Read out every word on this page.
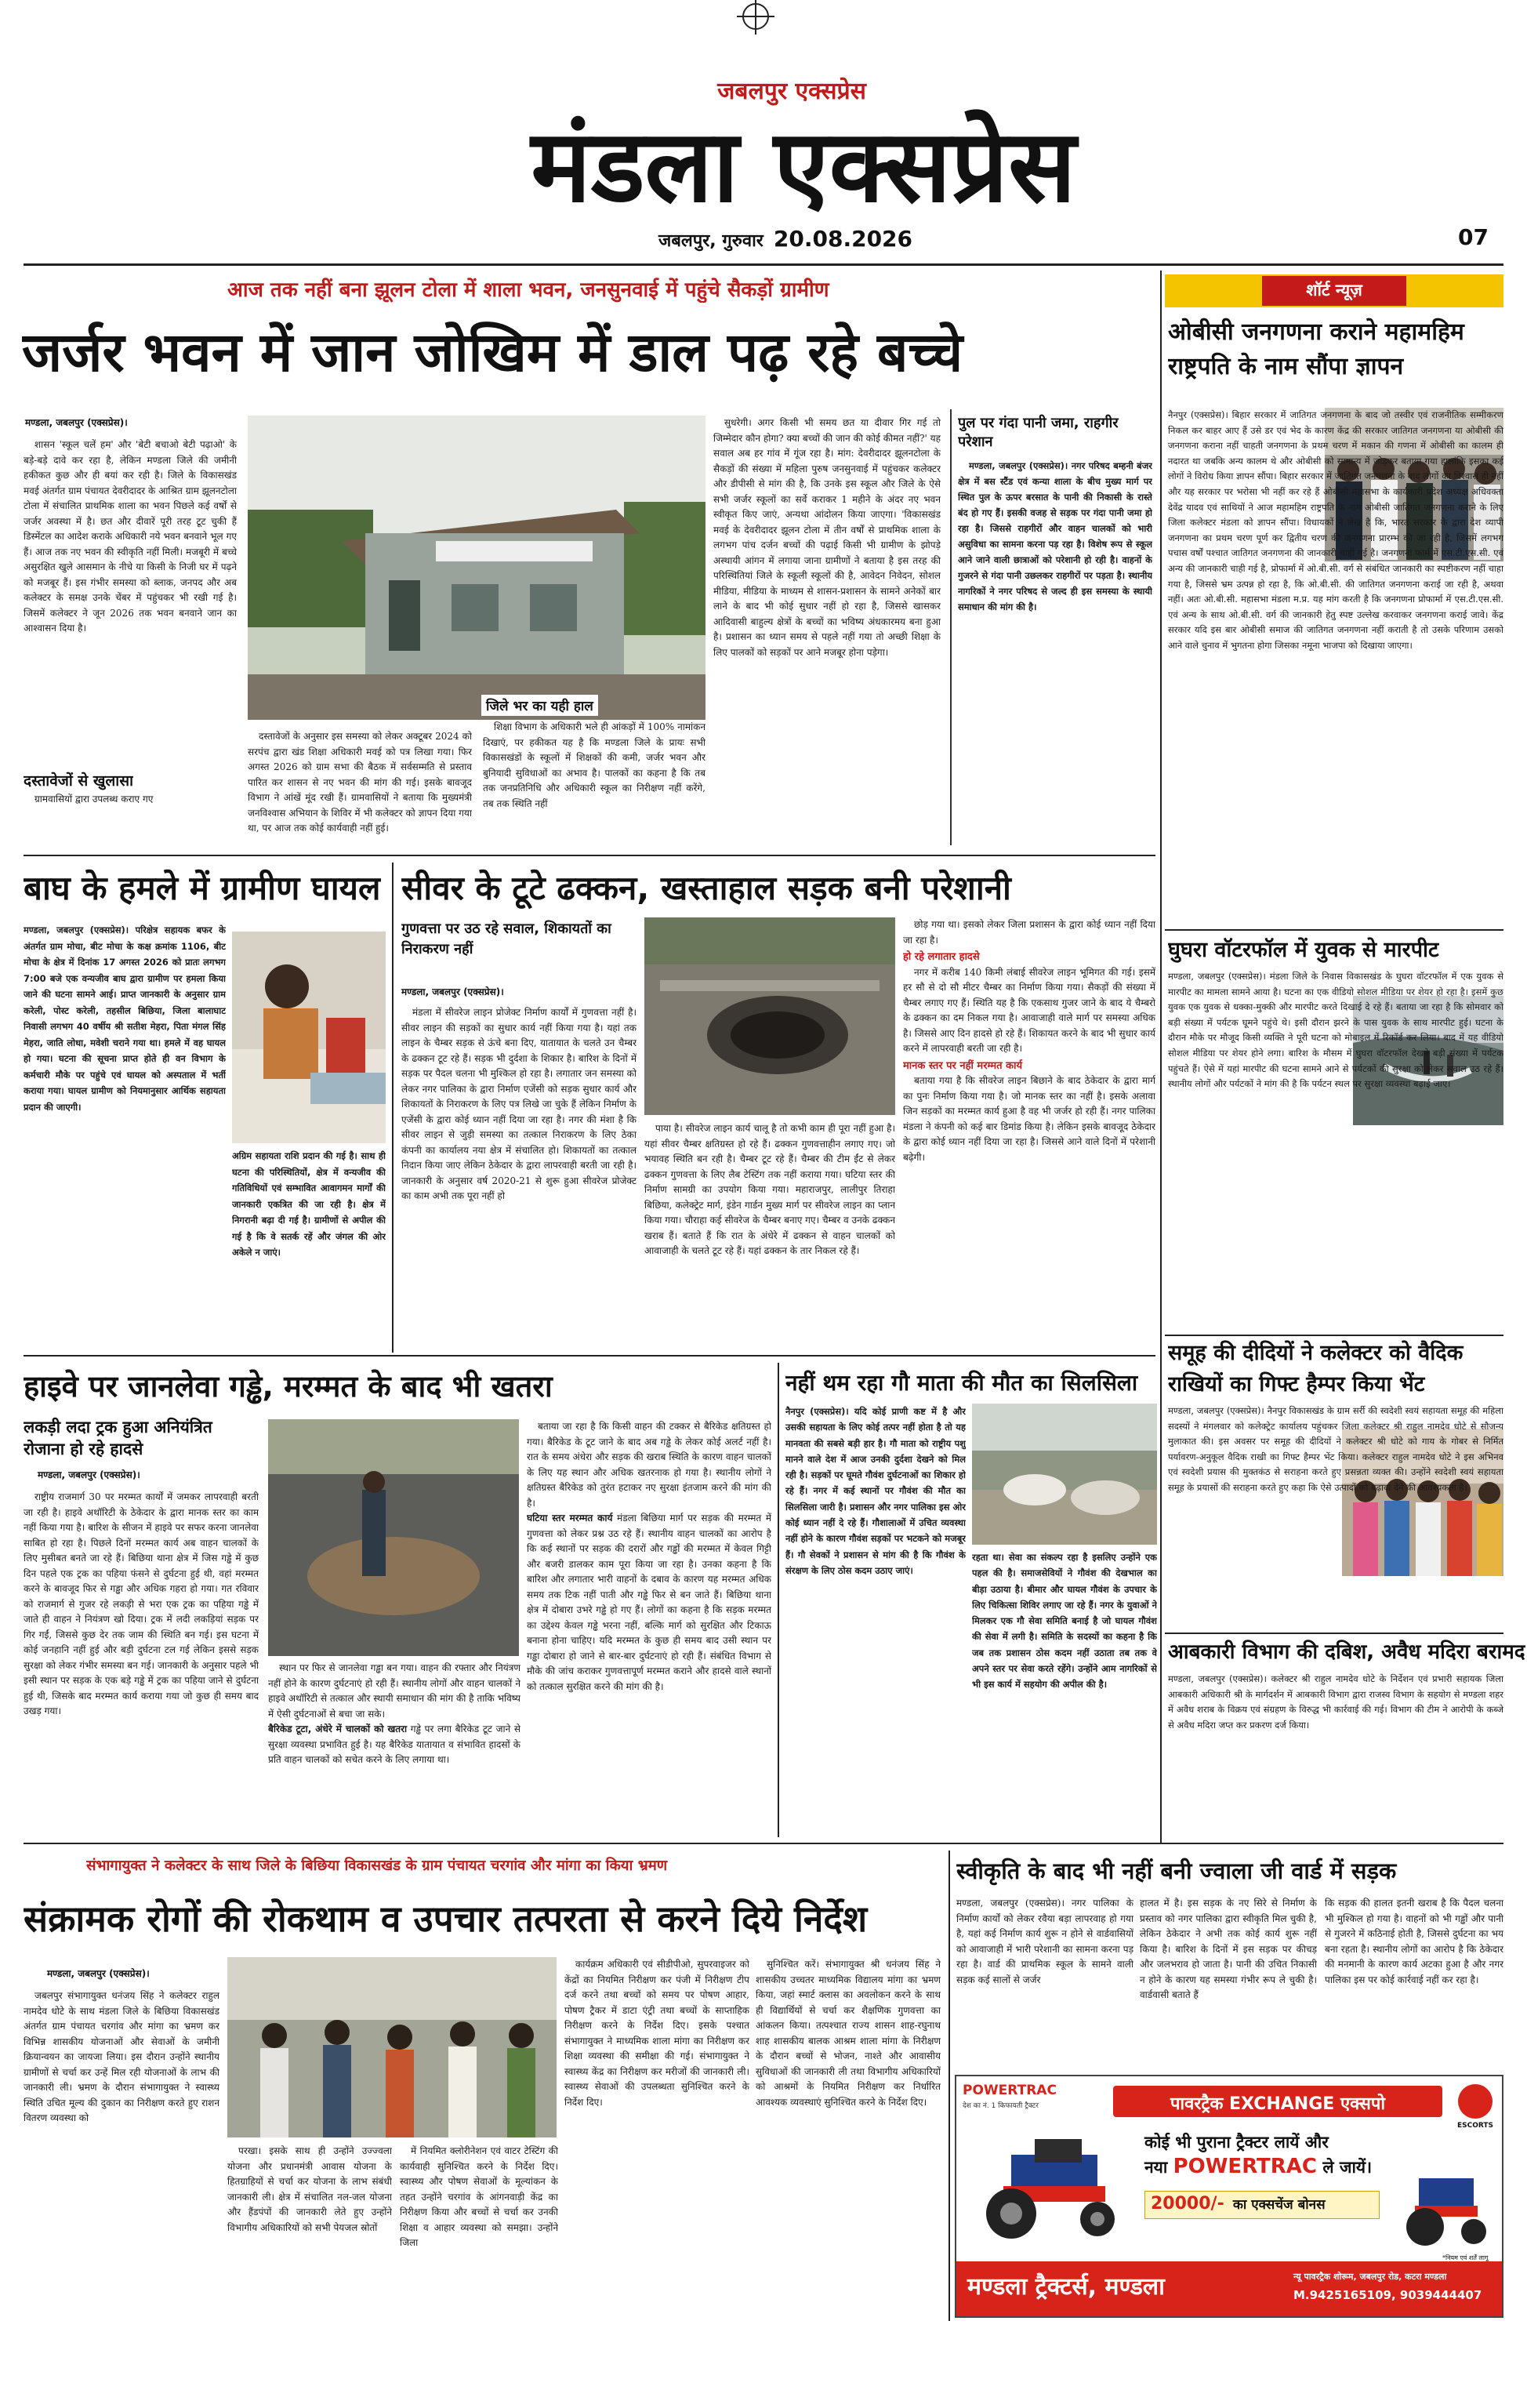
जबलपुर एक्सप्रेस
मंडला एक्सप्रेस
जबलपुर, गुरुवार 20.08.2026	07
आज तक नहीं बना झूलन टोला में शाला भवन, जनसुनवाई में पहुंचे सैकड़ों ग्रामीण
जर्जर भवन में जान जोखिम में डाल पढ़ रहे बच्चे
मण्डला, जबलपुर (एक्सप्रेस)।

शासन 'स्कूल चलें हम' और 'बेटी बचाओ बेटी पढ़ाओ' के बड़े-बड़े दावे कर रहा है, लेकिन मण्डला जिले की जमीनी हकीकत कुछ और ही बयां कर रही है। जिले के विकासखंड मवई अंतर्गत ग्राम पंचायत देवरीदादर के आश्रित ग्राम झूलनटोला टोला में संचालित प्राथमिक शाला का भवन पिछले कई वर्षों से जर्जर अवस्था में है। छत और दीवारें पूरी तरह टूट चुकी हैं डिस्मेंटल का आदेश कराके अधिकारी नये भवन बनवाने भूल गए हैं। आज तक नए भवन की स्वीकृति नहीं मिली। मजबूरी में बच्चे असुरक्षित खुले आसमान के नीचे या किसी के निजी घर में पढ़ने को मजबूर हैं। इस गंभीर समस्या को ब्लाक, जनपद और अब कलेक्टर के समक्ष उनके चेंबर में पहुंचकर भी रखी गई है। जिसमें कलेक्टर ने जून 2026 तक भवन बनवाने जान का आश्वासन दिया है।

दस्तावेजों से खुलासा

ग्रामवासियों द्वारा उपलब्ध कराए गए

जिले भर का यही हाल

दस्तावेजों के अनुसार इस समस्या को लेकर अक्टूबर 2024 को सरपंच द्वारा खंड शिक्षा अधिकारी मवई को पत्र लिखा गया। फिर अगस्त 2026 को ग्राम सभा की बैठक में सर्वसम्मति से प्रस्ताव पारित कर शासन से नए भवन की मांग की गई। इसके बावजूद विभाग ने आंखें मूंद रखी हैं। ग्रामवासियों ने बताया कि मुख्यमंत्री जनविश्वास अभियान के शिविर में भी कलेक्टर को ज्ञापन दिया गया था, पर आज तक कोई कार्यवाही नहीं हुई।

शिक्षा विभाग के अधिकारी भले ही आंकड़ों में 100% नामांकन दिखाएं, पर हकीकत यह है कि मण्डला जिले के प्रायः सभी विकासखंडों के स्कूलों में शिक्षकों की कमी, जर्जर भवन और बुनियादी सुविधाओं का अभाव है। पालकों का कहना है कि तब तक जनप्रतिनिधि और अधिकारी स्कूल का निरीक्षण नहीं करेंगे, तब तक स्थिति नहीं

सुधरेगी। अगर किसी भी समय छत या दीवार गिर गई तो जिम्मेदार कौन होगा? क्या बच्चों की जान की कोई कीमत नहीं?' यह सवाल अब हर गांव में गूंज रहा है। मांग: देवरीदादर झूलनटोला के सैकड़ों की संख्या में महिला पुरुष जनसुनवाई में पहुंचकर कलेक्टर और डीपीसी से मांग की है, कि उनके इस स्कूल और जिले के ऐसे सभी जर्जर स्कूलों का सर्वे कराकर 1 महीने के अंदर नए भवन स्वीकृत किए जाएं, अन्यथा आंदोलन किया जाएगा। 'विकासखंड मवई के देवरीदादर झूलन टोला में तीन वर्षों से प्राथमिक शाला के लगभग पांच दर्जन बच्चों की पढ़ाई किसी भी ग्रामीण के झोपड़े अस्थायी आंगन में लगाया जाना ग्रामीणों ने बताया है इस तरह की परिस्थितियां जिले के स्कूली स्कूलों की है, आवेदन निवेदन, सोशल मीडिया, मीडिया के माध्यम से शासन-प्रशासन के सामने अनेकों बार लाने के बाद भी कोई सुधार नहीं हो रहा है, जिससे खासकर आदिवासी बाहुल्य क्षेत्रों के बच्चों का भविष्य अंधकारमय बना हुआ है। प्रशासन का ध्यान समय से पहले नहीं गया तो अच्छी शिक्षा के लिए पालकों को सड़कों पर आने मजबूर होना पड़ेगा।

पुल पर गंदा पानी जमा, राहगीर परेशान

मण्डला, जबलपुर (एक्सप्रेस)। नगर परिषद बम्हनी बंजर क्षेत्र में बस स्टैंड एवं कन्या शाला के बीच मुख्य मार्ग पर स्थित पुल के ऊपर बरसात के पानी की निकासी के रास्ते बंद हो गए हैं। इसकी वजह से सड़क पर गंदा पानी जमा हो रहा है। जिससे राहगीरों और वाहन चालकों को भारी असुविधा का सामना करना पड़ रहा है। विशेष रूप से स्कूल आने जाने वाली छात्राओं को परेशानी हो रही है। वाहनों के गुजरने से गंदा पानी उछलकर राहगीरों पर पड़ता है। स्थानीय नागरिकों ने नगर परिषद से जल्द ही इस समस्या के स्थायी समाधान की मांग की है।

शॉर्ट न्यूज़
ओबीसी जनगणना कराने महामहिम राष्ट्रपति के नाम सौंपा ज्ञापन

नैनपुर (एक्सप्रेस)। बिहार सरकार में जातिगत जनगणना के बाद जो तस्वीर एवं राजनीतिक सम्मीकरण निकल कर बाहर आए हैं उसे डर एवं भेद के कारण केंद्र की सरकार जातिगत जनगणना या ओबीसी की जनगणना कराना नहीं चाहती जनगणना के प्रथम चरण में मकान की गणना में ओबीसी का कालम ही नदारत था जबकि अन्य कालम थे और ओबीसी को सामान्य में जोड़कर बताया गया हालांकि इसका कई लोगों ने विरोध किया ज्ञापन सौंपा। बिहार सरकार में जातिगत जनगणना के बाद लोगों का विश्वास ही नहीं और यह सरकार पर भरोसा भी नहीं कर रहे हैं ओबीसी महासभा के कार्यकारी प्रदेश अध्यक्ष अधिवक्ता देवेंद्र यादव एवं साथियों ने आज महामहिम राष्ट्रपति के नाम ओबीसी जातिगत जनगणना कराने के लिए जिला कलेक्टर मंडला को ज्ञापन सौंपा। विधायकों ने लेख है कि, भारत सरकार के द्वारा देश व्यापी जनगणना का प्रथम चरण पूर्ण कर द्वितीय चरण की जनगणना प्रारम्भ की जा रही है, जिसमें लगभग पचास वर्षों पश्चात जातिगत जनगणना की जानकारी चाही गई है। जनगणना फार्म में एस.टी.एस.सी. एवं अन्य की जानकारी चाही गई है, प्रोफार्मा में ओ.बी.सी. वर्ग से संबंधित जानकारी का स्पष्टीकरण नहीं चाहा गया है, जिससे भ्रम उत्पन्न हो रहा है, कि ओ.बी.सी. की जातिगत जनगणना कराई जा रही है, अथवा नहीं। अतः ओ.बी.सी. महासभा मंडला म.प्र. यह मांग करती है कि जनगणना प्रोफार्मा में एस.टी.एस.सी. एवं अन्य के साथ ओ.बी.सी. वर्ग की जानकारी हेतु स्पष्ट उल्लेख करवाकर जनगणना कराई जावे। केंद्र सरकार यदि इस बार ओबीसी समाज की जातिगत जनगणना नहीं कराती है तो उसके परिणाम उसको आने वाले चुनाव में भुगतना होगा जिसका नमूना भाजपा को दिखाया जाएगा।

घुघरा वॉटरफॉल में युवक से मारपीट

मण्डला, जबलपुर (एक्सप्रेस)। मंडला जिले के निवास विकासखंड के घुघरा वॉटरफॉल में एक युवक से मारपीट का मामला सामने आया है। घटना का एक वीडियो सोशल मीडिया पर शेयर हो रहा है। इसमें कुछ युवक एक युवक से धक्का-मुक्की और मारपीट करते दिखाई दे रहे हैं। बताया जा रहा है कि सोमवार को बड़ी संख्या में पर्यटक घूमने पहुंचे थे। इसी दौरान झरने के पास युवक के साथ मारपीट हुई। घटना के दौरान मौके पर मौजूद किसी व्यक्ति ने पूरी घटना को मोबाइल में रिकॉर्ड कर लिया। बाद में यह वीडियो सोशल मीडिया पर शेयर होने लगा। बारिश के मौसम में घुघरा वॉटरफॉल देखने बड़ी संख्या में पर्यटक पहुंचते हैं। ऐसे में यहां मारपीट की घटना सामने आने से पर्यटकों की सुरक्षा को लेकर सवाल उठ रहे हैं। स्थानीय लोगों और पर्यटकों ने मांग की है कि पर्यटन स्थल पर सुरक्षा व्यवस्था बढ़ाई जाए।

समूह की दीदियों ने कलेक्टर को वैदिक राखियों का गिफ्ट हैम्पर किया भेंट

मण्डला, जबलपुर (एक्सप्रेस)। नैनपुर विकासखंड के ग्राम सर्री की स्वदेशी स्वयं सहायता समूह की महिला सदस्यों ने मंगलवार को कलेक्ट्रेट कार्यालय पहुंचकर जिला कलेक्टर श्री राहुल नामदेव धोटे से सौजन्य मुलाकात की। इस अवसर पर समूह की दीदियों ने कलेक्टर श्री धोटे को गाय के गोबर से निर्मित पर्यावरण-अनुकूल वैदिक राखी का गिफ्ट हैम्पर भेंट किया। कलेक्टर राहुल नामदेव धोटे ने इस अभिनव एवं स्वदेशी प्रयास की मुक्तकंठ से सराहना करते हुए प्रसन्नता व्यक्त की। उन्होंने स्वदेशी स्वयं सहायता समूह के प्रयासों की सराहना करते हुए कहा कि ऐसे उत्पादों को बढ़ावा देने की आवश्यकता है।

आबकारी विभाग की दबिश, अवैध मदिरा बरामद

मण्डला, जबलपुर (एक्सप्रेस)। कलेक्टर श्री राहुल नामदेव धोटे के निर्देशन एवं प्रभारी सहायक जिला आबकारी अधिकारी श्री के मार्गदर्शन में आबकारी विभाग द्वारा राजस्व विभाग के सहयोग से मण्डला शहर में अवैध शराब के विक्रय एवं संग्रहण के विरुद्ध भी कार्रवाई की गई। विभाग की टीम ने आरोपी के कब्जे से अवैध मदिरा जप्त कर प्रकरण दर्ज किया।

बाघ के हमले में ग्रामीण घायल

मण्डला, जबलपुर (एक्सप्रेस)। परिक्षेत्र सहायक बफर के अंतर्गत ग्राम मोचा, बीट मोचा के कक्ष क्रमांक 1106, बीट मोचा के क्षेत्र में दिनांक 17 अगस्त 2026 को प्रातः लगभग 7:00 बजे एक वन्यजीव बाघ द्वारा ग्रामीण पर हमला किया जाने की घटना सामने आई। प्राप्त जानकारी के अनुसार ग्राम करेली, पोस्ट करेली, तहसील बिछिया, जिला बालाघाट निवासी लगभग 40 वर्षीय श्री सतीश मेहरा, पिता मंगल सिंह मेहरा, जाति लोधा, मवेशी चराने गया था। हमले में वह घायल हो गया। घटना की सूचना प्राप्त होते ही वन विभाग के कर्मचारी मौके पर पहुंचे एवं घायल को अस्पताल में भर्ती कराया गया। घायल ग्रामीण को नियमानुसार आर्थिक सहायता प्रदान की जाएगी।

अग्रिम सहायता राशि प्रदान की गई है। साथ ही घटना की परिस्थितियों, क्षेत्र में वन्यजीव की गतिविधियों एवं सम्भावित आवागमन मार्गों की जानकारी एकत्रित की जा रही है। क्षेत्र में निगरानी बढ़ा दी गई है। ग्रामीणों से अपील की गई है कि वे सतर्क रहें और जंगल की ओर अकेले न जाएं।

सीवर के टूटे ढक्कन, खस्ताहाल सड़क बनी परेशानी
गुणवत्ता पर उठ रहे सवाल, शिकायतों का निराकरण नहीं
मण्डला, जबलपुर (एक्सप्रेस)।

मंडला में सीवरेज लाइन प्रोजेक्ट निर्माण कार्यों में गुणवत्ता नहीं है। सीवर लाइन की सड़कों का सुधार कार्य नहीं किया गया है। यहां तक लाइन के चैम्बर सड़क से ऊंचे बना दिए, यातायात के चलते उन चैम्बर के ढक्कन टूट रहे हैं। सड़क भी दुर्दशा के शिकार है। बारिश के दिनों में सड़क पर पैदल चलना भी मुश्किल हो रहा है। लगातार जन समस्या को लेकर नगर पालिका के द्वारा निर्माण एजेंसी को सड़क सुधार कार्य और शिकायतों के निराकरण के लिए पत्र लिखे जा चुके हैं लेकिन निर्माण के एजेंसी के द्वारा कोई ध्यान नहीं दिया जा रहा है। नगर की मंशा है कि सीवर लाइन से जुड़ी समस्या का तत्काल निराकरण के लिए ठेका कंपनी का कार्यालय नया क्षेत्र में संचालित हो। शिकायतों का तत्काल निदान किया जाए लेकिन ठेकेदार के द्वारा लापरवाही बरती जा रही है। जानकारी के अनुसार वर्ष 2020-21 से शुरू हुआ सीवरेज प्रोजेक्ट का काम अभी तक पूरा नहीं हो

पाया है। सीवरेज लाइन कार्य चालू है तो कभी काम ही पूरा नहीं हुआ है। यहां सीवर चैम्बर क्षतिग्रस्त हो रहे हैं। ढक्कन गुणवत्ताहीन लगाए गए। जो भयावह स्थिति बन रही है। चैम्बर टूट रहे हैं। चैम्बर की टीम ईंट से लेकर ढक्कन गुणवत्ता के लिए लैब टेस्टिंग तक नहीं कराया गया। घटिया स्तर की निर्माण सामग्री का उपयोग किया गया। महाराजपुर, लालीपुर तिराहा बिछिया, कलेक्ट्रेट मार्ग, इंडेन गार्डन मुख्य मार्ग पर सीवरेज लाइन का प्लान किया गया। चौराहा कई सीवरेज के चैम्बर बनाए गए। चैम्बर व उनके ढक्कन खराब हैं। बताते हैं कि रात के अंधेरे में ढक्कन से वाहन चालकों को आवाजाही के चलते टूट रहे हैं। यहां ढक्कन के तार निकल रहे हैं।

छोड़ गया था। इसको लेकर जिला प्रशासन के द्वारा कोई ध्यान नहीं दिया जा रहा है।

हो रहे लगातार हादसे

नगर में करीब 140 किमी लंबाई सीवरेज लाइन भूमिगत की गई। इसमें हर सौ से दो सौ मीटर चैम्बर का निर्माण किया गया। सैकड़ों की संख्या में चैम्बर लगाए गए हैं। स्थिति यह है कि एकसाथ गुजर जाने के बाद ये चैम्बरो के ढक्कन का दम निकल गया है। आवाजाही वाले मार्ग पर समस्या अधिक है। जिससे आए दिन हादसे हो रहे हैं। शिकायत करने के बाद भी सुधार कार्य करने में लापरवाही बरती जा रही है।

मानक स्तर पर नहीं मरम्मत कार्य

बताया गया है कि सीवरेज लाइन बिछाने के बाद ठेकेदार के द्वारा मार्ग का पुनः निर्माण किया गया है। जो मानक स्तर का नहीं है। इसके अलावा जिन सड़कों का मरम्मत कार्य हुआ है वह भी जर्जर हो रही हैं। नगर पालिका मंडला ने कंपनी को कई बार डिमांड किया है। लेकिन इसके बावजूद ठेकेदार के द्वारा कोई ध्यान नहीं दिया जा रहा है। जिससे आने वाले दिनों में परेशानी बढ़ेगी।

हाइवे पर जानलेवा गड्ढे, मरम्मत के बाद भी खतरा
लकड़ी लदा ट्रक हुआ अनियंत्रित रोजाना हो रहे हादसे
मण्डला, जबलपुर (एक्सप्रेस)।

राष्ट्रीय राजमार्ग 30 पर मरम्मत कार्यों में जमकर लापरवाही बरती जा रही है। हाइवे अथॉरिटी के ठेकेदार के द्वारा मानक स्तर का काम नहीं किया गया है। बारिश के सीजन में हाइवे पर सफर करना जानलेवा साबित हो रहा है। पिछले दिनों मरम्मत कार्य अब वाहन चालकों के लिए मुसीबत बनते जा रहे हैं। बिछिया थाना क्षेत्र में जिस गड्ढे में कुछ दिन पहले एक ट्रक का पहिया फंसने से दुर्घटना हुई थी, वहां मरम्मत करने के बावजूद फिर से गड्ढा और अधिक गहरा हो गया। गत रविवार को राजमार्ग से गुजर रहे लकड़ी से भरा एक ट्रक का पहिया गड्ढे में जाते ही वाहन ने नियंत्रण खो दिया। ट्रक में लदी लकड़ियां सड़क पर गिर गईं, जिससे कुछ देर तक जाम की स्थिति बन गई। इस घटना में कोई जनहानि नहीं हुई और बड़ी दुर्घटना टल गई लेकिन इससे सड़क सुरक्षा को लेकर गंभीर समस्या बन गई। जानकारी के अनुसार पहले भी इसी स्थान पर सड़क के एक बड़े गड्ढे में ट्रक का पहिया जाने से दुर्घटना हुई थी, जिसके बाद मरम्मत कार्य कराया गया जो कुछ ही समय बाद उखड़ गया।

स्थान पर फिर से जानलेवा गड्ढा बन गया। वाहन की रफ्तार और नियंत्रण नहीं होने के कारण दुर्घटनाएं हो रही हैं। स्थानीय लोगों और वाहन चालकों ने हाइवे अथॉरिटी से तत्काल और स्थायी समाधान की मांग की है ताकि भविष्य में ऐसी दुर्घटनाओं से बचा जा सके।

बैरिकेड टूटा, अंधेरे में चालकों को खतरा गड्ढे पर लगा बैरिकेड टूट जाने से सुरक्षा व्यवस्था प्रभावित हुई है। यह बैरिकेड यातायात व संभावित हादसों के प्रति वाहन चालकों को सचेत करने के लिए लगाया था।

बताया जा रहा है कि किसी वाहन की टक्कर से बैरिकेड क्षतिग्रस्त हो गया। बैरिकेड के टूट जाने के बाद अब गड्ढे के लेकर कोई अलर्ट नहीं है। रात के समय अंधेरा और सड़क की खराब स्थिति के कारण वाहन चालकों के लिए यह स्थान और अधिक खतरनाक हो गया है। स्थानीय लोगों ने क्षतिग्रस्त बैरिकेड को तुरंत हटाकर नए सुरक्षा इंतजाम करने की मांग की है।

घटिया स्तर मरम्मत कार्य मंडला बिछिया मार्ग पर सड़क की मरम्मत में गुणवत्ता को लेकर प्रश्न उठ रहे हैं। स्थानीय वाहन चालकों का आरोप है कि कई स्थानों पर सड़क की दरारों और गड्ढों की मरम्मत में केवल गिट्टी और बजरी डालकर काम पूरा किया जा रहा है। उनका कहना है कि बारिश और लगातार भारी वाहनों के दबाव के कारण यह मरम्मत अधिक समय तक टिक नहीं पाती और गड्ढे फिर से बन जाते हैं। बिछिया थाना क्षेत्र में दोबारा उभरे गड्ढे हो गए हैं। लोगों का कहना है कि सड़क मरम्मत का उद्देश्य केवल गड्ढे भरना नहीं, बल्कि मार्ग को सुरक्षित और टिकाऊ बनाना होना चाहिए। यदि मरम्मत के कुछ ही समय बाद उसी स्थान पर गड्ढा दोबारा हो जाने से बार-बार दुर्घटनाएं हो रही हैं। संबंधित विभाग से मौके की जांच कराकर गुणवत्तापूर्ण मरम्मत कराने और हादसे वाले स्थानों को तत्काल सुरक्षित करने की मांग की है।
नहीं थम रहा गौ माता की मौत का सिलसिला

नैनपुर (एक्सप्रेस)। यदि कोई प्राणी कष्ट में है और उसकी सहायता के लिए कोई तत्पर नहीं होता है तो यह मानवता की सबसे बड़ी हार है। गौ माता को राष्ट्रीय पशु मानने वाले देश में आज उनकी दुर्दशा देखने को मिल रही है। सड़कों पर घूमते गौवंश दुर्घटनाओं का शिकार हो रहे हैं। नगर में कई स्थानों पर गौवंश की मौत का सिलसिला जारी है। प्रशासन और नगर पालिका इस ओर कोई ध्यान नहीं दे रहे हैं। गौशालाओं में उचित व्यवस्था नहीं होने के कारण गौवंश सड़कों पर भटकने को मजबूर हैं। गौ सेवकों ने प्रशासन से मांग की है कि गौवंश के संरक्षण के लिए ठोस कदम उठाए जाएं।

रहता था। सेवा का संकल्प रहा है इसलिए उन्होंने एक पहल की है। समाजसेवियों ने गौवंश की देखभाल का बीड़ा उठाया है। बीमार और घायल गौवंश के उपचार के लिए चिकित्सा शिविर लगाए जा रहे हैं। नगर के युवाओं ने मिलकर एक गौ सेवा समिति बनाई है जो घायल गौवंश की सेवा में लगी है। समिति के सदस्यों का कहना है कि जब तक प्रशासन ठोस कदम नहीं उठाता तब तक वे अपने स्तर पर सेवा करते रहेंगे। उन्होंने आम नागरिकों से भी इस कार्य में सहयोग की अपील की है।

संभागायुक्त ने कलेक्टर के साथ जिले के बिछिया विकासखंड के ग्राम पंचायत चरगांव और मांगा का किया भ्रमण
संक्रामक रोगों की रोकथाम व उपचार तत्परता से करने दिये निर्देश
मण्डला, जबलपुर (एक्सप्रेस)।

जबलपुर संभागायुक्त धनंजय सिंह ने कलेक्टर राहुल नामदेव धोटे के साथ मंडला जिले के बिछिया विकासखंड अंतर्गत ग्राम पंचायत चरगांव और मांगा का भ्रमण कर विभिन्न शासकीय योजनाओं और सेवाओं के जमीनी क्रियान्वयन का जायजा लिया। इस दौरान उन्होंने स्थानीय ग्रामीणों से चर्चा कर उन्हें मिल रही योजनाओं के लाभ की जानकारी ली। भ्रमण के दौरान संभागायुक्त ने स्वास्थ्य स्थिति उचित मूल्य की दुकान का निरीक्षण करते हुए राशन वितरण व्यवस्था को

परखा। इसके साथ ही उन्होंने उज्ज्वला योजना और प्रधानमंत्री आवास योजना के हितग्राहियों से चर्चा कर योजना के लाभ संबंधी जानकारी ली। क्षेत्र में संचालित नल-जल योजना और हैंडपंपों की जानकारी लेते हुए उन्होंने विभागीय अधिकारियों को सभी पेयजल स्रोतों

में नियमित क्लोरीनेशन एवं वाटर टेस्टिंग की कार्यवाही सुनिश्चित करने के निर्देश दिए। स्वास्थ्य और पोषण सेवाओं के मूल्यांकन के तहत उन्होंने चरगांव के आंगनवाड़ी केंद्र का निरीक्षण किया और बच्चों से चर्चा कर उनकी शिक्षा व आहार व्यवस्था को समझा। उन्होंने जिला

कार्यक्रम अधिकारी एवं सीडीपीओ, सुपरवाइजर को केंद्रों का नियमित निरीक्षण कर पंजी में निरीक्षण टीप दर्ज करने तथा बच्चों को समय पर पोषण आहार, पोषण ट्रैकर में डाटा एंट्री तथा बच्चों के साप्ताहिक निरीक्षण करने के निर्देश दिए। इसके पश्चात संभागायुक्त ने माध्यमिक शाला मांगा का निरीक्षण कर शिक्षा व्यवस्था की समीक्षा की गई। संभागायुक्त ने स्वास्थ्य केंद्र का निरीक्षण कर मरीजों की जानकारी ली। स्वास्थ्य सेवाओं की उपलब्धता सुनिश्चित करने के निर्देश दिए।

सुनिश्चित करें। संभागायुक्त श्री धनंजय सिंह ने शासकीय उच्चतर माध्यमिक विद्यालय मांगा का भ्रमण किया, जहां स्मार्ट क्लास का अवलोकन करने के साथ ही विद्यार्थियों से चर्चा कर शैक्षणिक गुणवत्ता का आंकलन किया। तत्पश्चात राज्य शासन शाह-रघुनाथ शाह शासकीय बालक आश्रम शाला मांगा के निरीक्षण के दौरान बच्चों से भोजन, नाश्ते और आवासीय सुविधाओं की जानकारी ली तथा विभागीय अधिकारियों को आश्रमों के नियमित निरीक्षण कर निर्धारित आवश्यक व्यवस्थाएं सुनिश्चित करने के निर्देश दिए।

स्वीकृति के बाद भी नहीं बनी ज्वाला जी वार्ड में सड़क

मण्डला, जबलपुर (एक्सप्रेस)। नगर पालिका के निर्माण कार्यों को लेकर रवैया बड़ा लापरवाह हो गया है, यहां कई निर्माण कार्य शुरू न होने से वार्डवासियों को आवाजाही में भारी परेशानी का सामना करना पड़ रहा है। वार्ड की प्राथमिक स्कूल के सामने वाली सड़क कई सालों से जर्जर

हालत में है। इस सड़क के नए सिरे से निर्माण के प्रस्ताव को नगर पालिका द्वारा स्वीकृति मिल चुकी है, लेकिन ठेकेदार ने अभी तक कोई कार्य शुरू नहीं किया है। बारिश के दिनों में इस सड़क पर कीचड़ और जलभराव हो जाता है। पानी की उचित निकासी न होने के कारण यह समस्या गंभीर रूप ले चुकी है। वार्डवासी बताते हैं

कि सड़क की हालत इतनी खराब है कि पैदल चलना भी मुश्किल हो गया है। वाहनों को भी गड्ढों और पानी से गुजरने में कठिनाई होती है, जिससे दुर्घटना का भय बना रहता है। स्थानीय लोगों का आरोप है कि ठेकेदार की मनमानी के कारण कार्य अटका हुआ है और नगर पालिका इस पर कोई कार्रवाई नहीं कर रहा है।

POWERTRAC
देश का नं. 1 किफायती ट्रैक्टर	पावरट्रैक EXCHANGE एक्सपो
ESCORTS
कोई भी पुराना ट्रैक्टर लायें और
नया POWERTRAC ले जायें।
20000/- का एक्सचेंज बोनस
*नियम एवं शर्तें लागू
मण्डला ट्रैक्टर्स, मण्डला	न्यू पावरट्रैक शोरूम, जबलपुर रोड, कटरा मण्डला
M.9425165109, 9039444407
